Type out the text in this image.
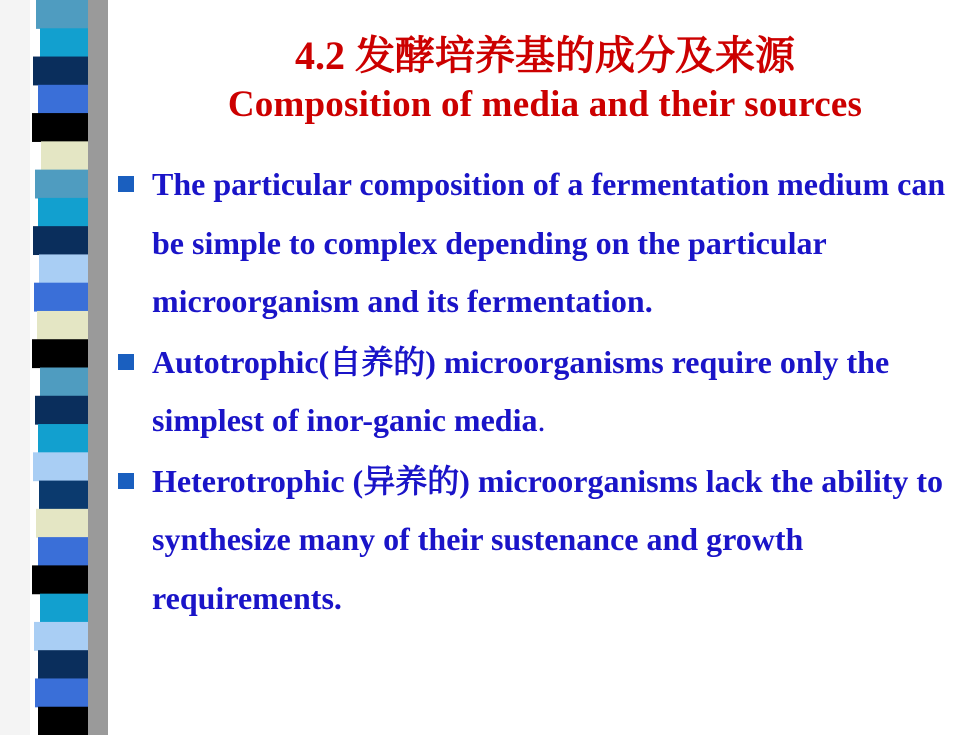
4.2 发酵培养基的成分及来源
Composition of media and their sources
The particular composition of a fermentation medium can be simple to complex depending on the particular microorganism and its fermentation.
Autotrophic(自养的) microorganisms require only the simplest of inor-ganic media.
Heterotrophic (异养的) microorganisms lack the ability to synthesize many of their sustenance and growth requirements.
